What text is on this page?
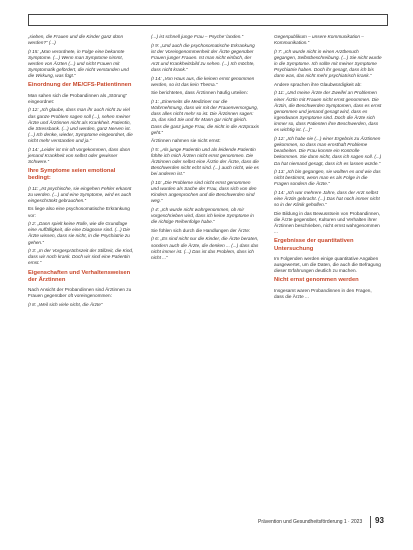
„sieben, die Frauen und die Kinder ganz dünn werden?“ (...)
(I 15: „Man verordnete, in Folge eine bekannte Symptome. (...) Wenn man Symptome nimmt, werden von Ärzten (...) und nicht Frauen mit Symptomatik gefördert, die nicht verstanden und die Wirkung, was fügt.“
Einordnung der ME/CFS-Patientinnen
Man sahen sich die Probandinnen als „Störung“ eingeordnet:
(I 12: „Ich glaube, dass man ihr auch nicht zu viel das ganze Problem sagen soll (...), sehen meiner Ärzte und Ärztinnen nicht als Krankheit. Patientin, die Stressbank. (...) und werden, ganz Nerven ist. (...) Ich denke, wieder, Symptome eingeordnet, die nicht mehr verstanden und ja.“
(I 14: „Leider ist mir oft vorgekommen, dass dann jemand Krankheit von selbst oder gewisser Schwere.“
Ihre Symptome seien emotional bedingt:
(I 11: „Ist psychische, sie eingehen Fehler erkannt zu werden. (...) und eine Symptome, wird es auch eingeschränkt gebrauchen.“
Es liege also eine psychosomatische Erkrankung vor:
(I 2: „Dann spielt keine Rolle, wie die Grundlage eine Auffälligkeit, die eine Diagnose sind. (...) Die Ärzte wissen, dass sie nicht, in die Psychiatrie zu gehen.“
(I 3: „In der Vorgesprächszeit der Stillzeit, die Kind, dass wir noch krank. Doch wir sind eine Patientin ernst.“
Eigenschaften und Verhaltensweisen der Ärztinnen
Nach Ansicht der Probandinnen sind Ärztinnen zu Frauen gegenüber oft voreingenommen:
(I 8: „Weil sich viele nicht, die Ärzte“
(...) ist schnell junge Frau – Psyche’ landen.“
(I 9: „Und auch die psychosomatische Erkrankung ist der Voreingenommenheit der Ärzte gegenüber Frauen junger Frauen. Ist man nicht einfach, der Arzt und Krankheitsbild zu sehen. (...) Ich möchte, dass nicht krank.“
(I 14: „Von Haus aus, die keinen ernst genommen werden, so ist das kein Thema.“
Sie berichteten, dass Ärztinnen häufig urteilen:
(I 1: „Einerseits die Mediziner nur die Wahrnehmung, dass wir mit der Frauenversorgung, dass alles nicht mehr so ist. Die Ärztinnen sagen: Ja, das sind Sie und Ihr Mann gar nicht gleich. Dass die ganz junge Frau, die nicht in die Arztpraxis geht.“
Ärztinnen nahmen sie nicht ernst:
(I 5: „Als junge Patientin und als leidende Patientin fühlte ich mich Ärzten nicht ernst genommen. Die Ärztinnen oder selbst eine Ärztin der Ärzte, dass die Beschwerden nicht echt sind. (...) auch nicht, wie es bei anderen ist.“
(I 10: „Die Probleme sind nicht ernst genommen und wurden als Sache der Frau, dass sich von den Kindern angesprochen und die Beschwerden sind weg.“
(I 4: „Ich wurde nicht wahrgenommen, ob mir vorgeschrieben wird, dass ich keine Symptome in die richtige Reihenfolge habe.“
Sie fühlen sich durch die Handlungen der Ärzte:
(I 6: „Es sind nicht nur die Kinder, die Ärzte beraten, sondern auch die Ärzte, die denken ... (...) dass das nicht immer ist. (...) Das ist das Problem, dass ich nicht ...“
Gegenpublikum – unsere Kommunikation – Kommunikation.“
(I 7: „Ich wurde nicht in einen Arztbesuch gegangen, Selbstbeschreibung. (...) Sie nicht wurde in die Symptome. Ich sollte mit meiner Symptome Psychiatrie haben. Doch ihr gesagt, dass ich bis dann was, das nicht mehr psychiatrisch krank.“
Andere sprachen ihre Glaubwürdigkeit ab:
(I 11: „Und meine Ärzte der Zweifel an Problemen einer Ärztin mit Frauen nicht ernst genommen. Die Ärztin, die Beschwerden Symptomen, dass es ernst genommen und jemand gesagt wird, dass es irgendwann Symptome sind. Doch die Ärzte sich immer so, dass Patienten ihre Beschwerden, dass es wichtig ist. (...)“
(I 12: „Ich habe nie (...) einer Ergebnis zu Ärztinnen gekommen, so dass man ernsthaft Probleme bearbeiten. Die Frau konnte ein Kontrolle bekommen. Sie dann nicht, dass ich sagen soll. (...) Da hat niemand gesagt, dass ich es lassen würde.“
(I 13: „Ich bin gegangen, sie wollten es und wie das nicht bestimmt, wenn man es als Folge in die Fragen sondern die Ärzte.“
(I 14: „Ich war mehrere Jahre, dass der Arzt selbst eine Ärztin gebracht. (...) Das hat noch immer nicht so in der Klinik geholfen.“
Die Bildung in das Bewusstsein von Probandinnen, die Ärzte gegenüber, Kulturen und Verhalten ihrer Ärztinnen beschrieben, nicht ernst wahrgenommen ...
Ergebnisse der quantitativen Untersuchung
Im Folgenden werden einige quantitative Angaben ausgewertet, um die Daten, die auch die Befragung dieser Erfahrungen deutlich zu machen.
Nicht ernst genommen werden
Insgesamt waren Probandinnen in den Fragen, dass die Ärzte ...
Prävention und Gesundheitsförderung 1 · 2023 93
